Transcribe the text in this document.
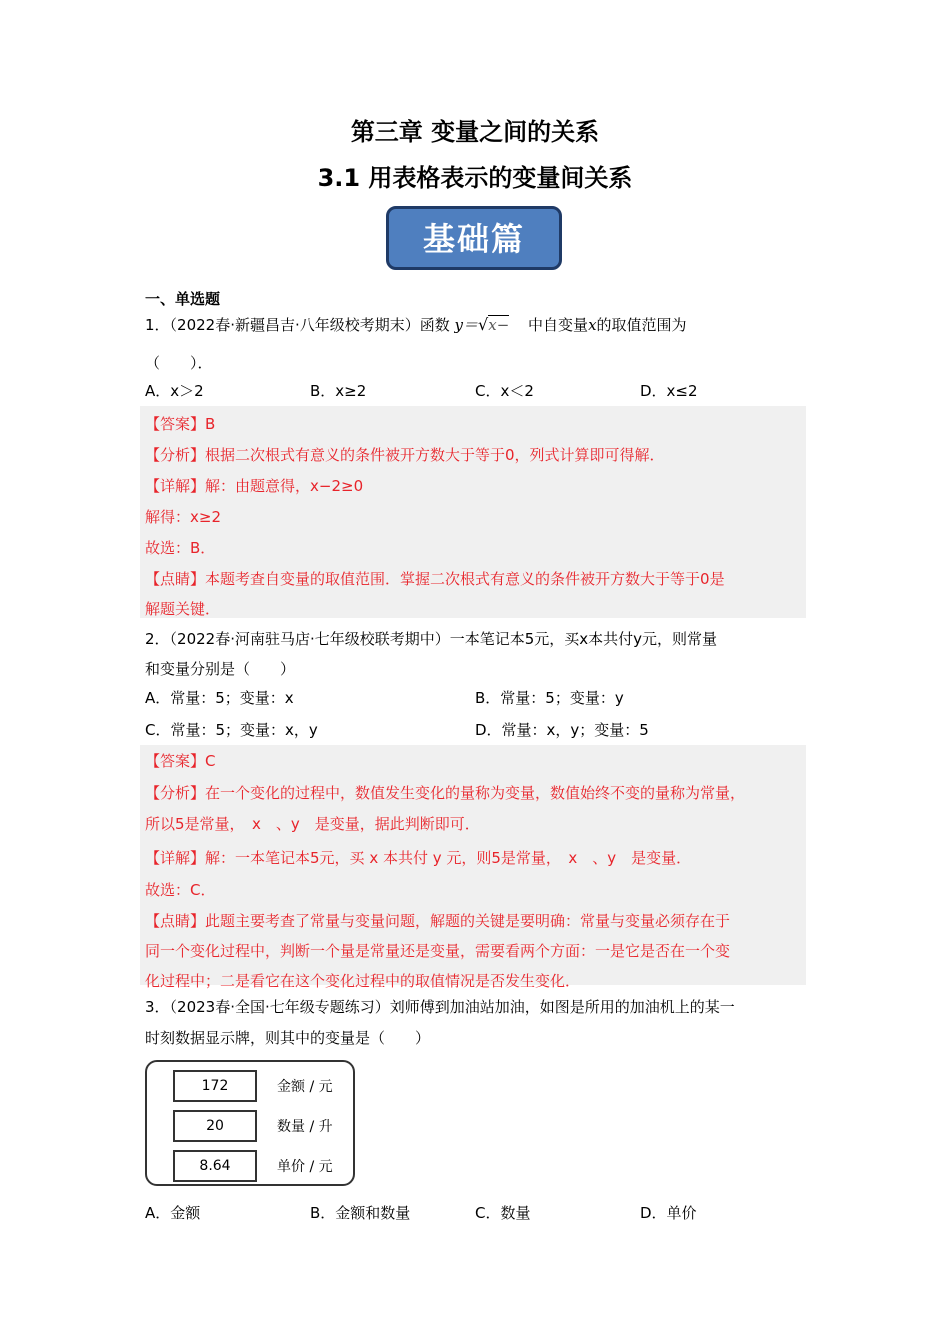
第三章 变量之间的关系
3.1 用表格表示的变量间关系
基础篇
一、单选题
1．（2022春·新疆昌吉·八年级校考期末）函数 y＝√x− 中自变量x的取值范围为
（　　）．
A．x＞2	B．x≥2	C．x＜2	D．x≤2
【答案】B
【分析】根据二次根式有意义的条件被开方数大于等于0，列式计算即可得解．
【详解】解：由题意得，x−2≥0
解得：x≥2
故选：B．
【点睛】本题考查自变量的取值范围．掌握二次根式有意义的条件被开方数大于等于0是
解题关键．
2．（2022春·河南驻马店·七年级校联考期中）一本笔记本5元，买x本共付y元，则常量
和变量分别是（　　）
A．常量：5；变量：x	B．常量：5；变量：y
C．常量：5；变量：x，y	D．常量：x，y；变量：5
【答案】C
【分析】在一个变化的过程中，数值发生变化的量称为变量，数值始终不变的量称为常量，
所以5是常量，　x　、y　是变量，据此判断即可．
【详解】解：一本笔记本5元，买 x 本共付 y 元，则5是常量，　x　、y　是变量．
故选：C．
【点睛】此题主要考查了常量与变量问题，解题的关键是要明确：常量与变量必须存在于
同一个变化过程中，判断一个量是常量还是变量，需要看两个方面：一是它是否在一个变
化过程中；二是看它在这个变化过程中的取值情况是否发生变化．
3．（2023春·全国·七年级专题练习）刘师傅到加油站加油，如图是所用的加油机上的某一
时刻数据显示牌，则其中的变量是（　　）
172	金额 / 元
20	数量 / 升
8.64	单价 / 元
A．金额	B．金额和数量	C．数量	D．单价
